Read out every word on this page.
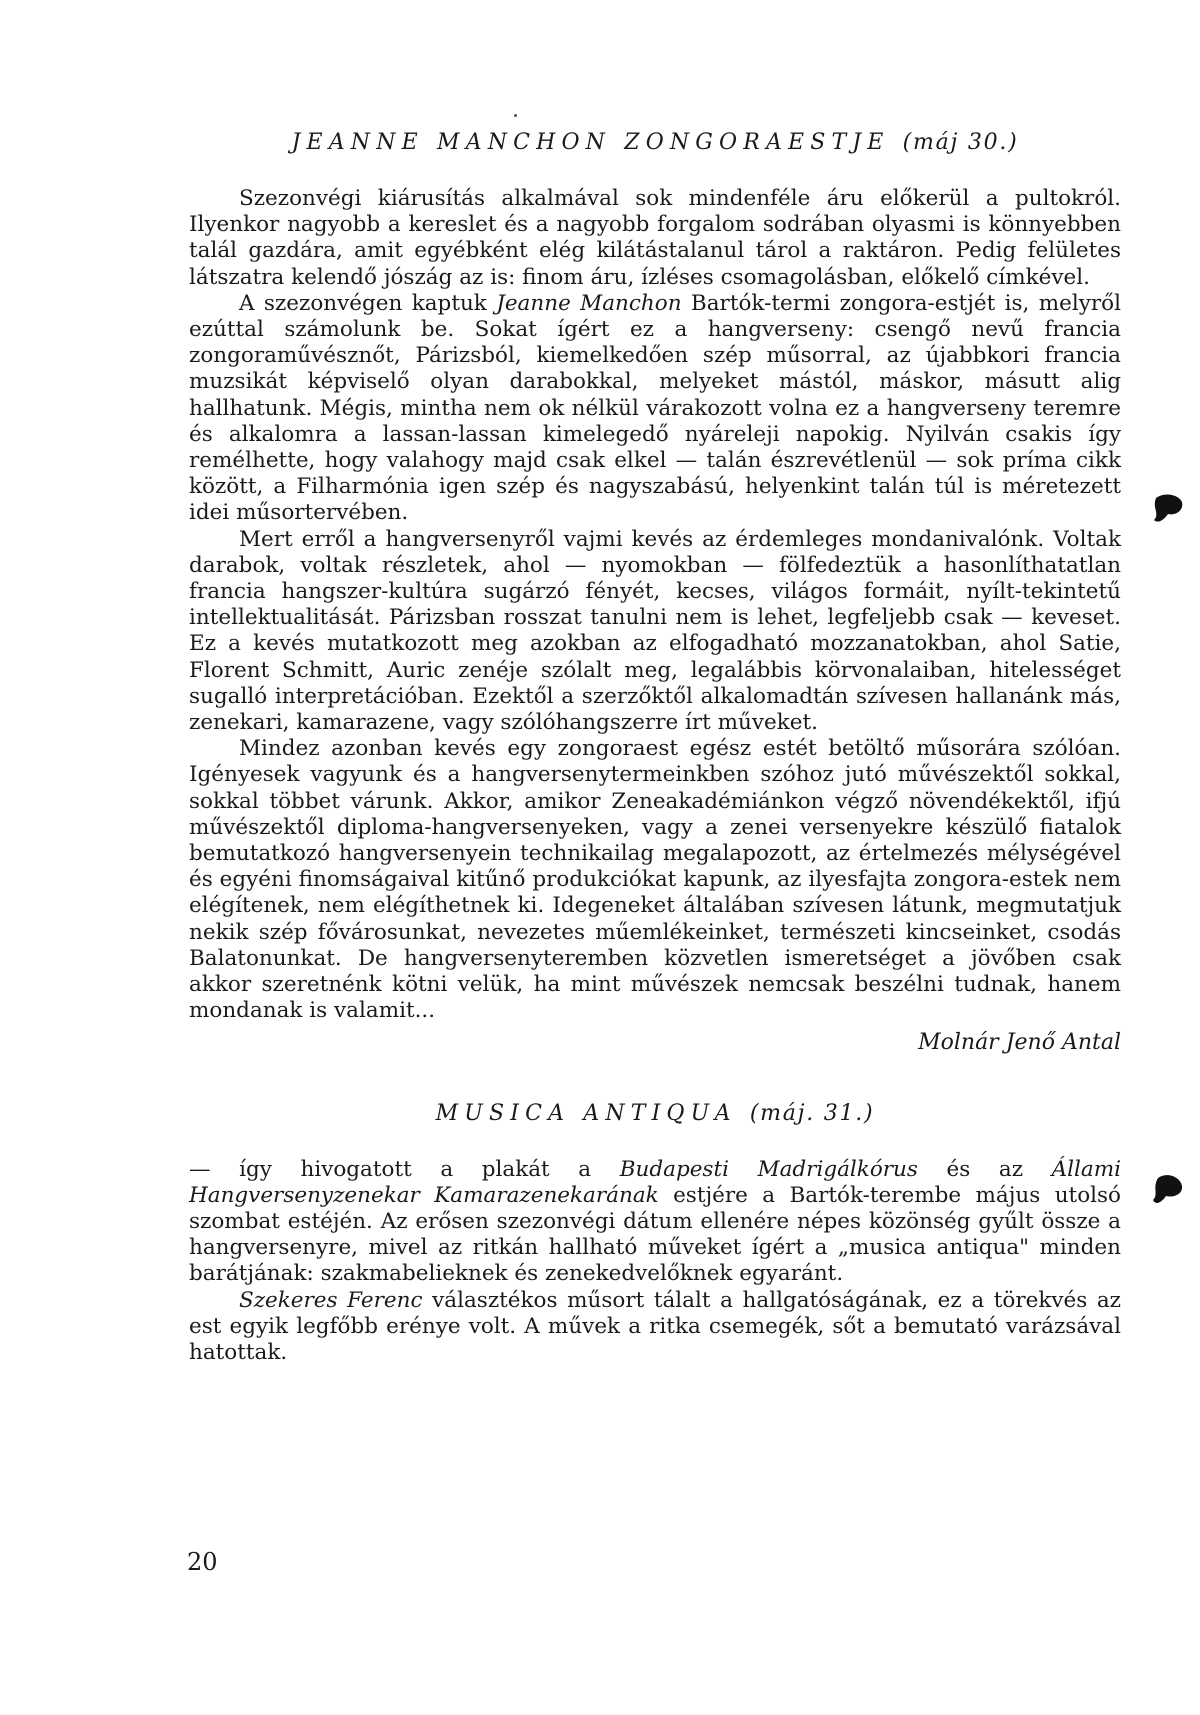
JEANNE MANCHON ZONGORAESTJE (máj 30.)

Szezonvégi kiárusítás alkalmával sok mindenféle áru előkerül a pultokról. Ilyenkor nagyobb a kereslet és a nagyobb forgalom sodrában olyasmi is könnyebben talál gazdára, amit egyébként elég kilátástalanul tárol a raktáron. Pedig felületes látszatra kelendő jószág az is: finom áru, ízléses csomagolásban, előkelő címkével.

A szezonvégen kaptuk Jeanne Manchon Bartók-termi zongora-estjét is, melyről ezúttal számolunk be. Sokat ígért ez a hangverseny: csengő nevű francia zongoraművésznőt, Párizsból, kiemelkedően szép műsorral, az újabbkori francia muzsikát képviselő olyan darabokkal, melyeket mástól, máskor, másutt alig hallhatunk. Mégis, mintha nem ok nélkül várakozott volna ez a hangverseny teremre és alkalomra a lassan-lassan kimelegedő nyáreleji napokig. Nyilván csakis így remélhette, hogy valahogy majd csak elkel — talán észrevétlenül — sok príma cikk között, a Filharmónia igen szép és nagyszabású, helyenkint talán túl is méretezett idei műsortervében.

Mert erről a hangversenyről vajmi kevés az érdemleges mondanivalónk. Voltak darabok, voltak részletek, ahol — nyomokban — fölfedeztük a hasonlíthatatlan francia hangszer-kultúra sugárzó fényét, kecses, világos formáit, nyílt-tekintetű intellektualitását. Párizsban rosszat tanulni nem is lehet, legfeljebb csak — keveset. Ez a kevés mutatkozott meg azokban az elfogadható mozzanatokban, ahol Satie, Florent Schmitt, Auric zenéje szólalt meg, legalábbis körvonalaiban, hitelességet sugalló interpretációban. Ezektől a szerzőktől alkalomadtán szívesen hallanánk más, zenekari, kamarazene, vagy szólóhangszerre írt műveket.

Mindez azonban kevés egy zongoraest egész estét betöltő műsorára szólóan. Igényesek vagyunk és a hangversenytermeinkben szóhoz jutó művészektől sokkal, sokkal többet várunk. Akkor, amikor Zeneakadémiánkon végző növendékektől, ifjú művészektől diploma-hangversenyeken, vagy a zenei versenyekre készülő fiatalok bemutatkozó hangversenyein technikailag megalapozott, az értelmezés mélységével és egyéni finomságaival kitűnő produkciókat kapunk, az ilyesfajta zongora-estek nem elégítenek, nem elégíthetnek ki. Idegeneket általában szívesen látunk, megmutatjuk nekik szép fővárosunkat, nevezetes műemlékeinket, természeti kincseinket, csodás Balatonunkat. De hangversenyteremben közvetlen ismeretséget a jövőben csak akkor szeretnénk kötni velük, ha mint művészek nemcsak beszélni tudnak, hanem mondanak is valamit...

Molnár Jenő Antal
MUSICA ANTIQUA (máj. 31.)

— így hivogatott a plakát a Budapesti Madrigálkórus és az Állami Hangversenyzenekar Kamarazenekarának estjére a Bartók-terembe május utolsó szombat estéjén. Az erősen szezonvégi dátum ellenére népes közönség gyűlt össze a hangversenyre, mivel az ritkán hallható műveket ígért a „musica antiqua" minden barátjának: szakmabelieknek és zenekedvelőknek egyaránt.

Szekeres Ferenc választékos műsort tálalt a hallgatóságának, ez a törekvés az est egyik legfőbb erénye volt. A művek a ritka csemegék, sőt a bemutató varázsával hatottak.

20
